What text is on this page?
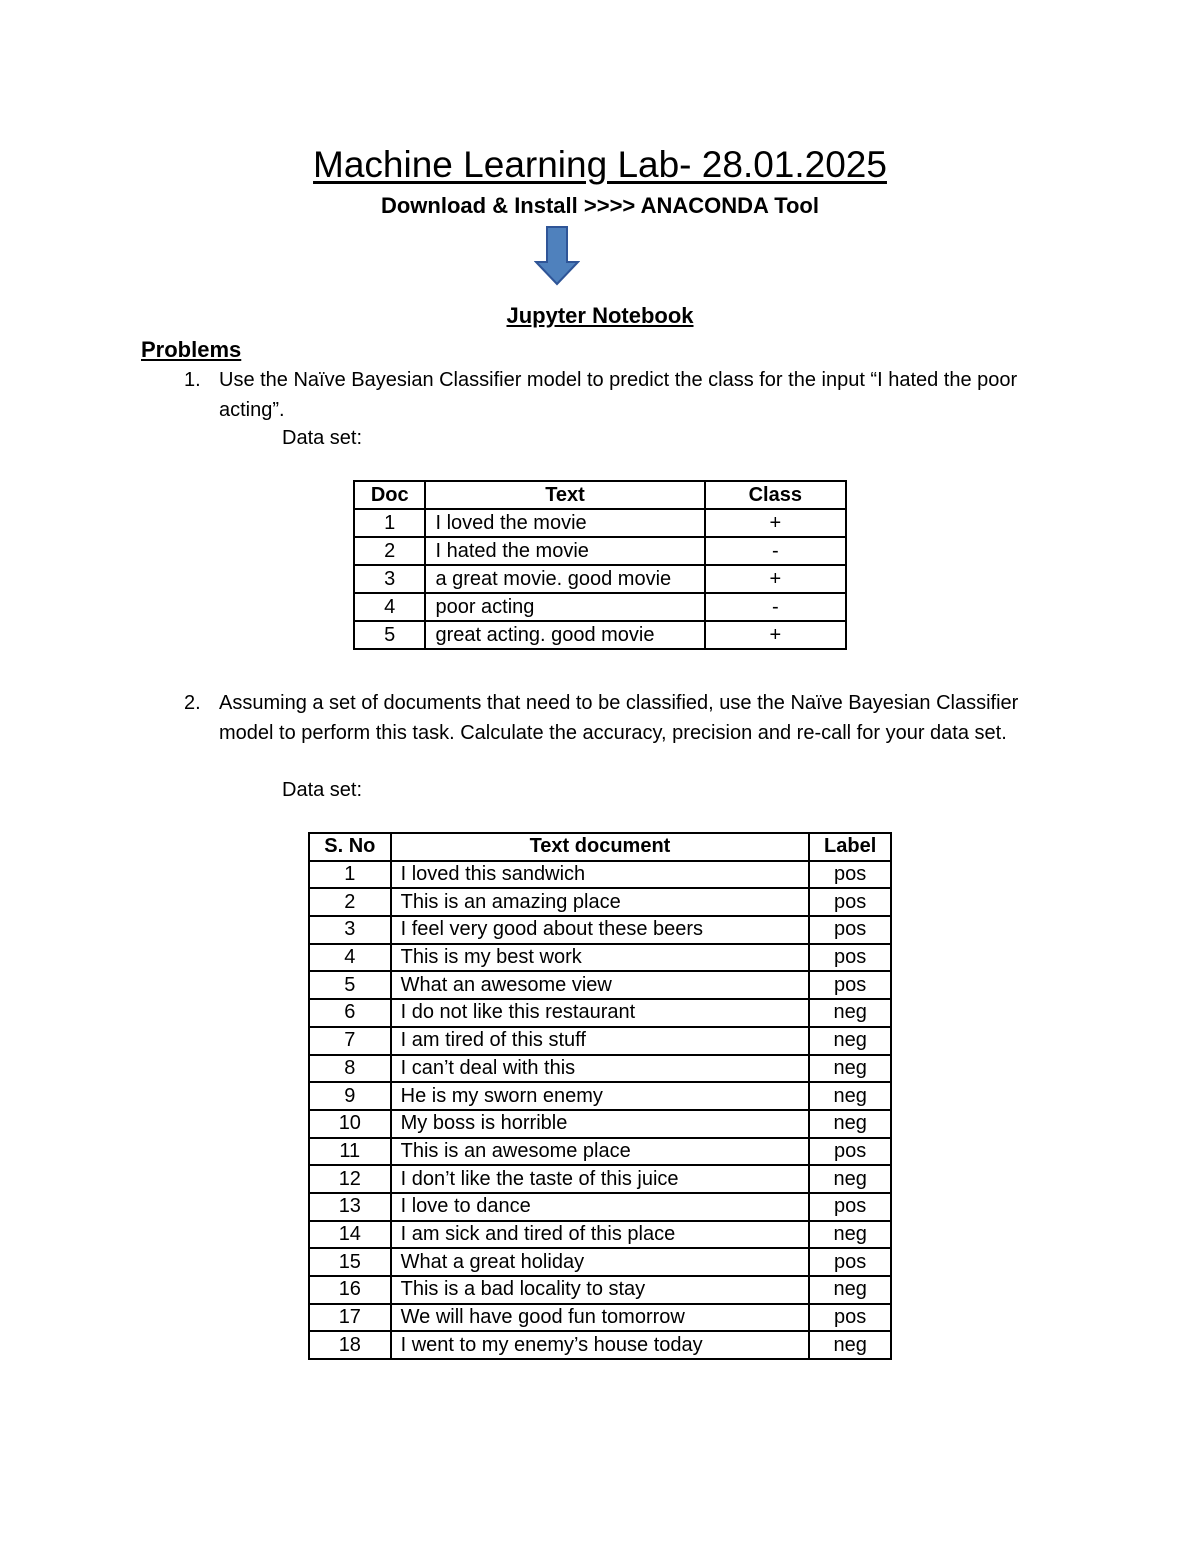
Machine Learning Lab- 28.01.2025
Download & Install >>>> ANACONDA Tool
Jupyter Notebook
Problems
1. Use the Naïve Bayesian Classifier model to predict the class for the input “I hated the poor acting”.
Data set:
Doc	Text	Class
1	I loved the movie	+
2	I hated the movie	-
3	a great movie. good movie	+
4	poor acting	-
5	great acting. good movie	+
2. Assuming a set of documents that need to be classified, use the Naïve Bayesian Classifier model to perform this task. Calculate the accuracy, precision and re-call for your data set.
Data set:
S. No	Text document	Label
1	I loved this sandwich	pos
2	This is an amazing place	pos
3	I feel very good about these beers	pos
4	This is my best work	pos
5	What an awesome view	pos
6	I do not like this restaurant	neg
7	I am tired of this stuff	neg
8	I can’t deal with this	neg
9	He is my sworn enemy	neg
10	My boss is horrible	neg
11	This is an awesome place	pos
12	I don’t like the taste of this juice	neg
13	I love to dance	pos
14	I am sick and tired of this place	neg
15	What a great holiday	pos
16	This is a bad locality to stay	neg
17	We will have good fun tomorrow	pos
18	I went to my enemy’s house today	neg
